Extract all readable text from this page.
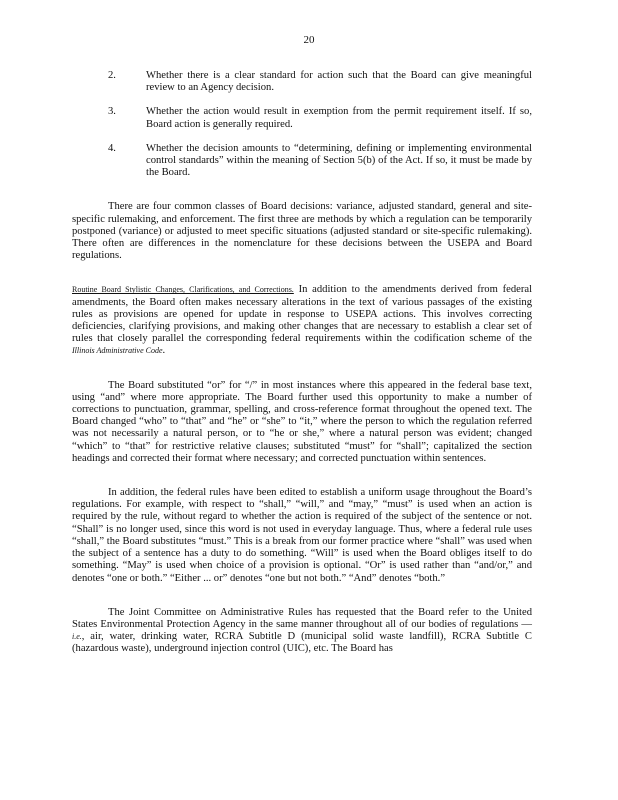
20
2.	Whether there is a clear standard for action such that the Board can give meaningful review to an Agency decision.
3.	Whether the action would result in exemption from the permit requirement itself. If so, Board action is generally required.
4.	Whether the decision amounts to “determining, defining or implementing environmental control standards” within the meaning of Section 5(b) of the Act. If so, it must be made by the Board.

There are four common classes of Board decisions: variance, adjusted standard, general and site-specific rulemaking, and enforcement. The first three are methods by which a regulation can be temporarily postponed (variance) or adjusted to meet specific situations (adjusted standard or site-specific rulemaking). There often are differences in the nomenclature for these decisions between the USEPA and Board regulations.

Routine Board Stylistic Changes, Clarifications, and Corrections. In addition to the amendments derived from federal amendments, the Board often makes necessary alterations in the text of various passages of the existing rules as provisions are opened for update in response to USEPA actions. This involves correcting deficiencies, clarifying provisions, and making other changes that are necessary to establish a clear set of rules that closely parallel the corresponding federal requirements within the codification scheme of the Illinois Administrative Code.

The Board substituted “or” for “/” in most instances where this appeared in the federal base text, using “and” where more appropriate. The Board further used this opportunity to make a number of corrections to punctuation, grammar, spelling, and cross-reference format throughout the opened text. The Board changed “who” to “that” and “he” or “she” to “it,” where the person to which the regulation referred was not necessarily a natural person, or to “he or she,” where a natural person was evident; changed “which” to “that” for restrictive relative clauses; substituted “must” for “shall”; capitalized the section headings and corrected their format where necessary; and corrected punctuation within sentences.

In addition, the federal rules have been edited to establish a uniform usage throughout the Board’s regulations. For example, with respect to “shall,” “will,” and “may,” “must” is used when an action is required by the rule, without regard to whether the action is required of the subject of the sentence or not. “Shall” is no longer used, since this word is not used in everyday language. Thus, where a federal rule uses “shall,” the Board substitutes “must.” This is a break from our former practice where “shall” was used when the subject of a sentence has a duty to do something. “Will” is used when the Board obliges itself to do something. “May” is used when choice of a provision is optional. “Or” is used rather than “and/or,” and denotes “one or both.” “Either ... or” denotes “one but not both.” “And” denotes “both.”

The Joint Committee on Administrative Rules has requested that the Board refer to the United States Environmental Protection Agency in the same manner throughout all of our bodies of regulations — i.e., air, water, drinking water, RCRA Subtitle D (municipal solid waste landfill), RCRA Subtitle C (hazardous waste), underground injection control (UIC), etc. The Board has
